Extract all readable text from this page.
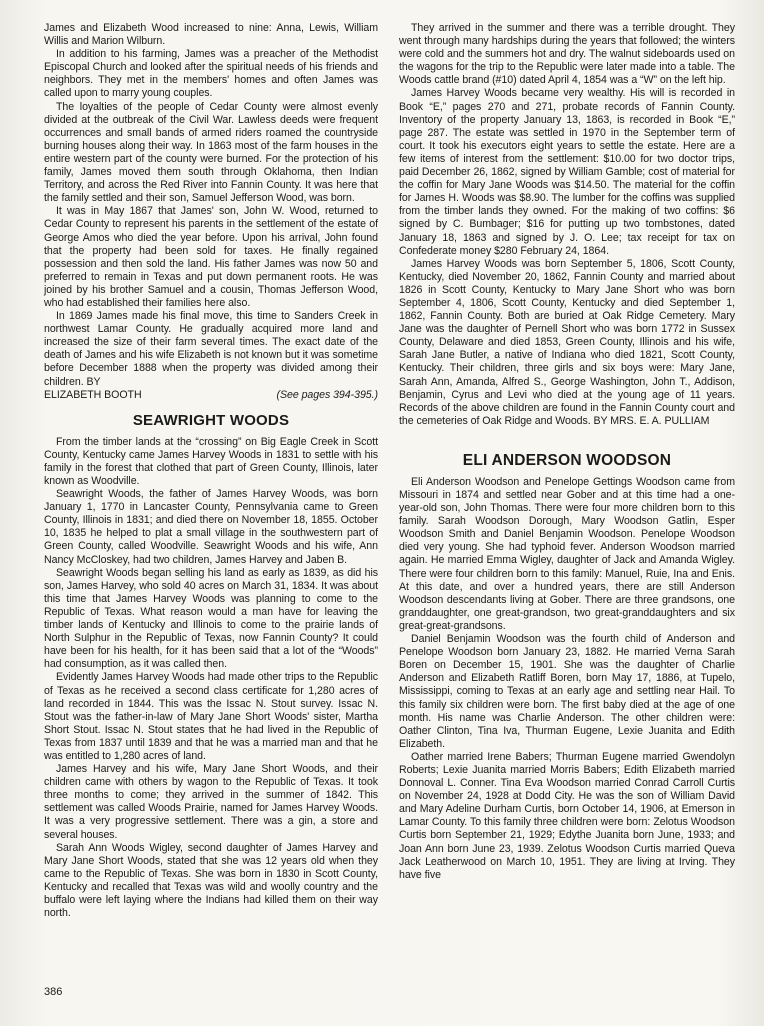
James and Elizabeth Wood increased to nine: Anna, Lewis, William Willis and Marion Wilburn.

In addition to his farming, James was a preacher of the Methodist Episcopal Church and looked after the spiritual needs of his friends and neighbors. They met in the members' homes and often James was called upon to marry young couples.

The loyalties of the people of Cedar County were almost evenly divided at the outbreak of the Civil War. Lawless deeds were frequent occurrences and small bands of armed riders roamed the countryside burning houses along their way. In 1863 most of the farm houses in the entire western part of the county were burned. For the protection of his family, James moved them south through Oklahoma, then Indian Territory, and across the Red River into Fannin County. It was here that the family settled and their son, Samuel Jefferson Wood, was born.

It was in May 1867 that James' son, John W. Wood, returned to Cedar County to represent his parents in the settlement of the estate of George Amos who died the year before. Upon his arrival, John found that the property had been sold for taxes. He finally regained possession and then sold the land. His father James was now 50 and preferred to remain in Texas and put down permanent roots. He was joined by his brother Samuel and a cousin, Thomas Jefferson Wood, who had established their families here also.

In 1869 James made his final move, this time to Sanders Creek in northwest Lamar County. He gradually acquired more land and increased the size of their farm several times. The exact date of the death of James and his wife Elizabeth is not known but it was sometime before December 1888 when the property was divided among their children. BY

ELIZABETH BOOTH	(See pages 394-395.)
SEAWRIGHT WOODS

From the timber lands at the “crossing” on Big Eagle Creek in Scott County, Kentucky came James Harvey Woods in 1831 to settle with his family in the forest that clothed that part of Green County, Illinois, later known as Woodville.

Seawright Woods, the father of James Harvey Woods, was born January 1, 1770 in Lancaster County, Pennsylvania came to Green County, Illinois in 1831; and died there on November 18, 1855. October 10, 1835 he helped to plat a small village in the southwestern part of Green County, called Woodville. Seawright Woods and his wife, Ann Nancy McCloskey, had two children, James Harvey and Jaben B.

Seawright Woods began selling his land as early as 1839, as did his son, James Harvey, who sold 40 acres on March 31, 1834. It was about this time that James Harvey Woods was planning to come to the Republic of Texas. What reason would a man have for leaving the timber lands of Kentucky and Illinois to come to the prairie lands of North Sulphur in the Republic of Texas, now Fannin County? It could have been for his health, for it has been said that a lot of the “Woods” had consumption, as it was called then.

Evidently James Harvey Woods had made other trips to the Republic of Texas as he received a second class certificate for 1,280 acres of land recorded in 1844. This was the Issac N. Stout survey. Issac N. Stout was the father-in-law of Mary Jane Short Woods' sister, Martha Short Stout. Issac N. Stout states that he had lived in the Republic of Texas from 1837 until 1839 and that he was a married man and that he was entitled to 1,280 acres of land.

James Harvey and his wife, Mary Jane Short Woods, and their children came with others by wagon to the Republic of Texas. It took three months to come; they arrived in the summer of 1842. This settlement was called Woods Prairie, named for James Harvey Woods. It was a very progressive settlement. There was a gin, a store and several houses.

Sarah Ann Woods Wigley, second daughter of James Harvey and Mary Jane Short Woods, stated that she was 12 years old when they came to the Republic of Texas. She was born in 1830 in Scott County, Kentucky and recalled that Texas was wild and woolly country and the buffalo were left laying where the Indians had killed them on their way north.

They arrived in the summer and there was a terrible drought. They went through many hardships during the years that followed; the winters were cold and the summers hot and dry. The walnut sideboards used on the wagons for the trip to the Republic were later made into a table. The Woods cattle brand (#10) dated April 4, 1854 was a “W” on the left hip.

James Harvey Woods became very wealthy. His will is recorded in Book “E,” pages 270 and 271, probate records of Fannin County. Inventory of the property January 13, 1863, is recorded in Book “E,” page 287. The estate was settled in 1970 in the September term of court. It took his executors eight years to settle the estate. Here are a few items of interest from the settlement: $10.00 for two doctor trips, paid December 26, 1862, signed by William Gamble; cost of material for the coffin for Mary Jane Woods was $14.50. The material for the coffin for James H. Woods was $8.90. The lumber for the coffins was supplied from the timber lands they owned. For the making of two coffins: $6 signed by C. Bumbager; $16 for putting up two tombstones, dated January 18, 1863 and signed by J. O. Lee; tax receipt for tax on Confederate money $280 February 24, 1864.

James Harvey Woods was born September 5, 1806, Scott County, Kentucky, died November 20, 1862, Fannin County and married about 1826 in Scott County, Kentucky to Mary Jane Short who was born September 4, 1806, Scott County, Kentucky and died September 1, 1862, Fannin County. Both are buried at Oak Ridge Cemetery. Mary Jane was the daughter of Pernell Short who was born 1772 in Sussex County, Delaware and died 1853, Green County, Illinois and his wife, Sarah Jane Butler, a native of Indiana who died 1821, Scott County, Kentucky. Their children, three girls and six boys were: Mary Jane, Sarah Ann, Amanda, Alfred S., George Washington, John T., Addison, Benjamin, Cyrus and Levi who died at the young age of 11 years. Records of the above children are found in the Fannin County court and the cemeteries of Oak Ridge and Woods. BY MRS. E. A. PULLIAM

ELI ANDERSON WOODSON

Eli Anderson Woodson and Penelope Gettings Woodson came from Missouri in 1874 and settled near Gober and at this time had a one-year-old son, John Thomas. There were four more children born to this family. Sarah Woodson Dorough, Mary Woodson Gatlin, Esper Woodson Smith and Daniel Benjamin Woodson. Penelope Woodson died very young. She had typhoid fever. Anderson Woodson married again. He married Emma Wigley, daughter of Jack and Amanda Wigley. There were four children born to this family: Manuel, Ruie, Ina and Enis. At this date, and over a hundred years, there are still Anderson Woodson descendants living at Gober. There are three grandsons, one granddaughter, one great-grandson, two great-granddaughters and six great-great-grandsons.

Daniel Benjamin Woodson was the fourth child of Anderson and Penelope Woodson born January 23, 1882. He married Verna Sarah Boren on December 15, 1901. She was the daughter of Charlie Anderson and Elizabeth Ratliff Boren, born May 17, 1886, at Tupelo, Mississippi, coming to Texas at an early age and settling near Hail. To this family six children were born. The first baby died at the age of one month. His name was Charlie Anderson. The other children were: Oather Clinton, Tina Iva, Thurman Eugene, Lexie Juanita and Edith Elizabeth.

Oather married Irene Babers; Thurman Eugene married Gwendolyn Roberts; Lexie Juanita married Morris Babers; Edith Elizabeth married Donnoval L. Conner. Tina Eva Woodson married Conrad Carroll Curtis on November 24, 1928 at Dodd City. He was the son of William David and Mary Adeline Durham Curtis, born October 14, 1906, at Emerson in Lamar County. To this family three children were born: Zelotus Woodson Curtis born September 21, 1929; Edythe Juanita born June, 1933; and Joan Ann born June 23, 1939. Zelotus Woodson Curtis married Queva Jack Leatherwood on March 10, 1951. They are living at Irving. They have five

386
